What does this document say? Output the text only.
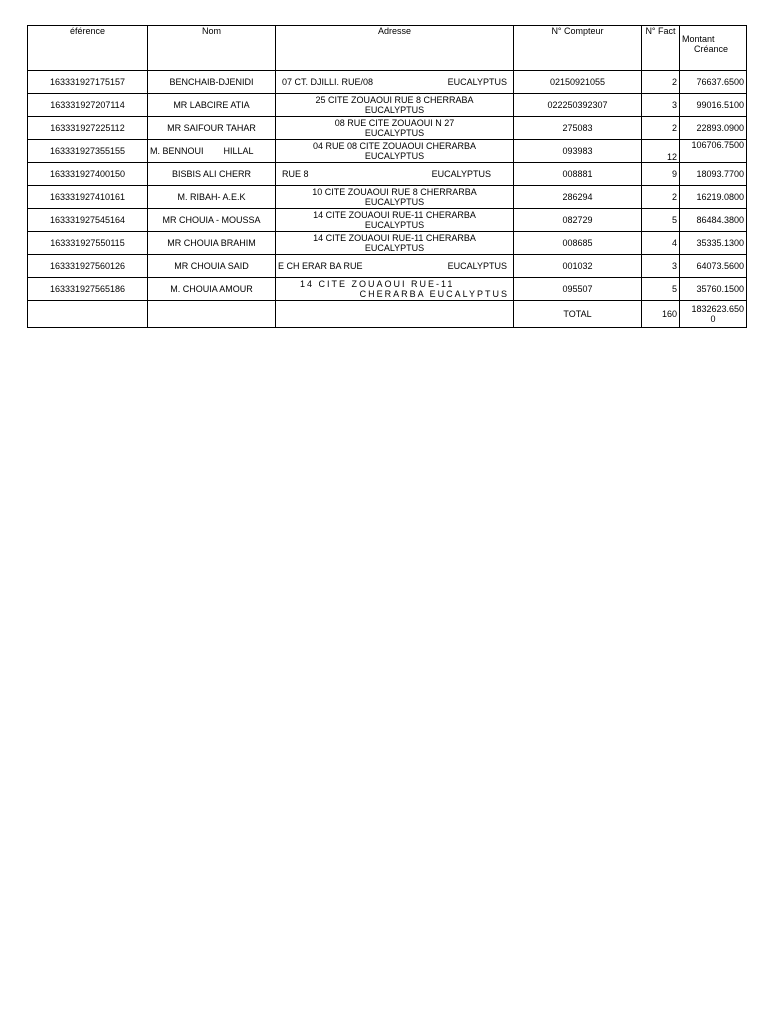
éférence	Nom	Adresse	N° Compteur	N° Fact	Montant
Créance

163331927175157	BENCHAIB-DJENIDI	07 CT. DJILLI. RUE/08 EUCALYPTUS	02150921055	2	76637.6500
163331927207114	MR LABCIRE ATIA	25 CITE ZOUAOUI RUE 8 CHERRABA
EUCALYPTUS	022250392307	3	99016.5100
163331927225112	MR SAIFOUR TAHAR	08 RUE CITE ZOUAOUI N 27
EUCALYPTUS	275083	2	22893.0900
163331927355155	M. BENNOUI        HILLAL	04 RUE 08 CITE ZOUAOUI CHERARBA
EUCALYPTUS	093983	12	106706.7500
163331927400150	BISBIS ALI CHERR	RUE 8 EUCALYPTUS	008881	9	18093.7700
163331927410161	M. RIBAH- A.E.K	10 CITE ZOUAOUI RUE 8 CHERRARBA
EUCALYPTUS	286294	2	16219.0800
163331927545164	MR CHOUIA - MOUSSA	14 CITE ZOUAOUI RUE-11 CHERARBA
EUCALYPTUS	082729	5	86484.3800
163331927550115	MR CHOUIA BRAHIM	14 CITE ZOUAOUI RUE-11 CHERARBA
EUCALYPTUS	008685	4	35335.1300
163331927560126	MR CHOUIA SAID	E CH ERAR BA RUE EUCALYPTUS	001032	3	64073.5600
163331927565186	M. CHOUIA AMOUR	14 CITE ZOUAOUI RUE-11
CHERARBA EUCALYPTUS	095507	5	35760.1500
			TOTAL	160	1832623.650
0
